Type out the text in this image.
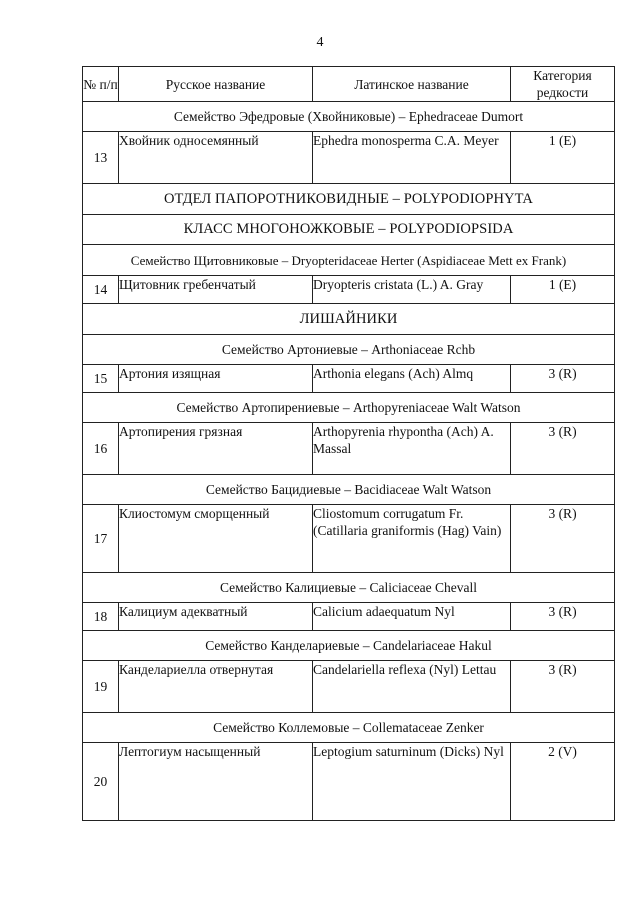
4
№ п/п	Русское название	Латинское название	Категория редкости
Семейство Эфедровые (Хвойниковые) – Ephedraceae Dumort			
13	Хвойник односемянный	Ephedra monosperma C.A. Meyer	1 (E)
ОТДЕЛ ПАПОРОТНИКОВИДНЫЕ – POLYPODIOPHYTA			
КЛАСС МНОГОНОЖКОВЫЕ – POLYPODIOPSIDA			
Семейство Щитовниковые – Dryopteridaceae Herter (Aspidiaceae Mett ex Frank)			
14	Щитовник гребенчатый	Dryopteris cristata (L.) A. Gray	1 (E)
ЛИШАЙНИКИ			
Семейство Артониевые – Arthoniaceae Rchb			
15	Артония изящная	Arthonia elegans (Ach) Almq	3 (R)
Семейство Артопирениевые – Arthopyreniaceae Walt Watson			
16	Артопирения грязная	Arthopyrenia rhypontha (Ach) A. Massal	3 (R)
Семейство Бацидиевые – Bacidiaceae Walt Watson			
17	Клиостомум сморщенный	Cliostomum corrugatum Fr. (Catillaria graniformis (Hag) Vain)	3 (R)
Семейство Калициевые – Caliciaceae Chevall			
18	Калициум адекватный	Calicium adaequatum Nyl	3 (R)
Семейство Канделариевые – Candelariaceae Hakul			
19	Канделариелла отвернутая	Candelariella reflexa (Nyl) Lettau	3 (R)
Семейство Коллемовые – Collemataceae Zenker			
20	Лептогиум насыщенный	Leptogium saturninum (Dicks) Nyl	2 (V)
